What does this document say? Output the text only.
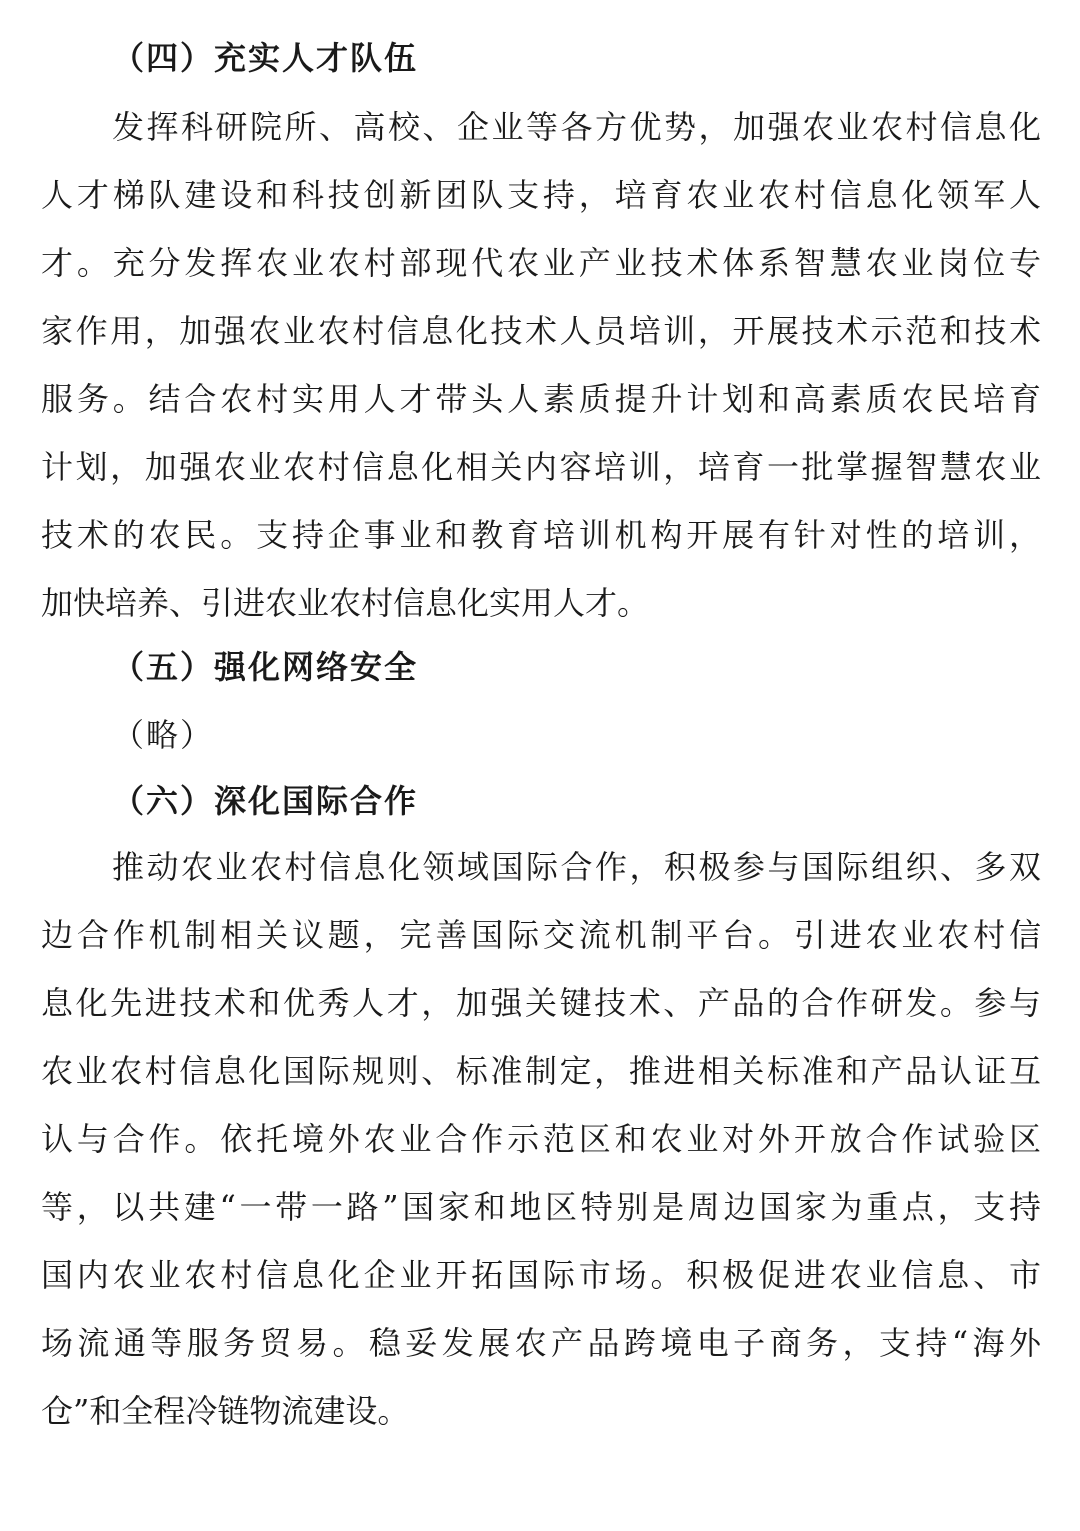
（四）充实人才队伍
发挥科研院所、高校、企业等各方优势，加强农业农村信息化
人才梯队建设和科技创新团队支持，培育农业农村信息化领军人
才。充分发挥农业农村部现代农业产业技术体系智慧农业岗位专
家作用，加强农业农村信息化技术人员培训，开展技术示范和技术
服务。结合农村实用人才带头人素质提升计划和高素质农民培育
计划，加强农业农村信息化相关内容培训，培育一批掌握智慧农业
技术的农民。支持企事业和教育培训机构开展有针对性的培训，
加快培养、引进农业农村信息化实用人才。
（五）强化网络安全
（略）
（六）深化国际合作
推动农业农村信息化领域国际合作，积极参与国际组织、多双
边合作机制相关议题，完善国际交流机制平台。引进农业农村信
息化先进技术和优秀人才，加强关键技术、产品的合作研发。参与
农业农村信息化国际规则、标准制定，推进相关标准和产品认证互
认与合作。依托境外农业合作示范区和农业对外开放合作试验区
等，以共建“一带一路”国家和地区特别是周边国家为重点，支持
国内农业农村信息化企业开拓国际市场。积极促进农业信息、市
场流通等服务贸易。稳妥发展农产品跨境电子商务，支持“海外
仓”和全程冷链物流建设。
